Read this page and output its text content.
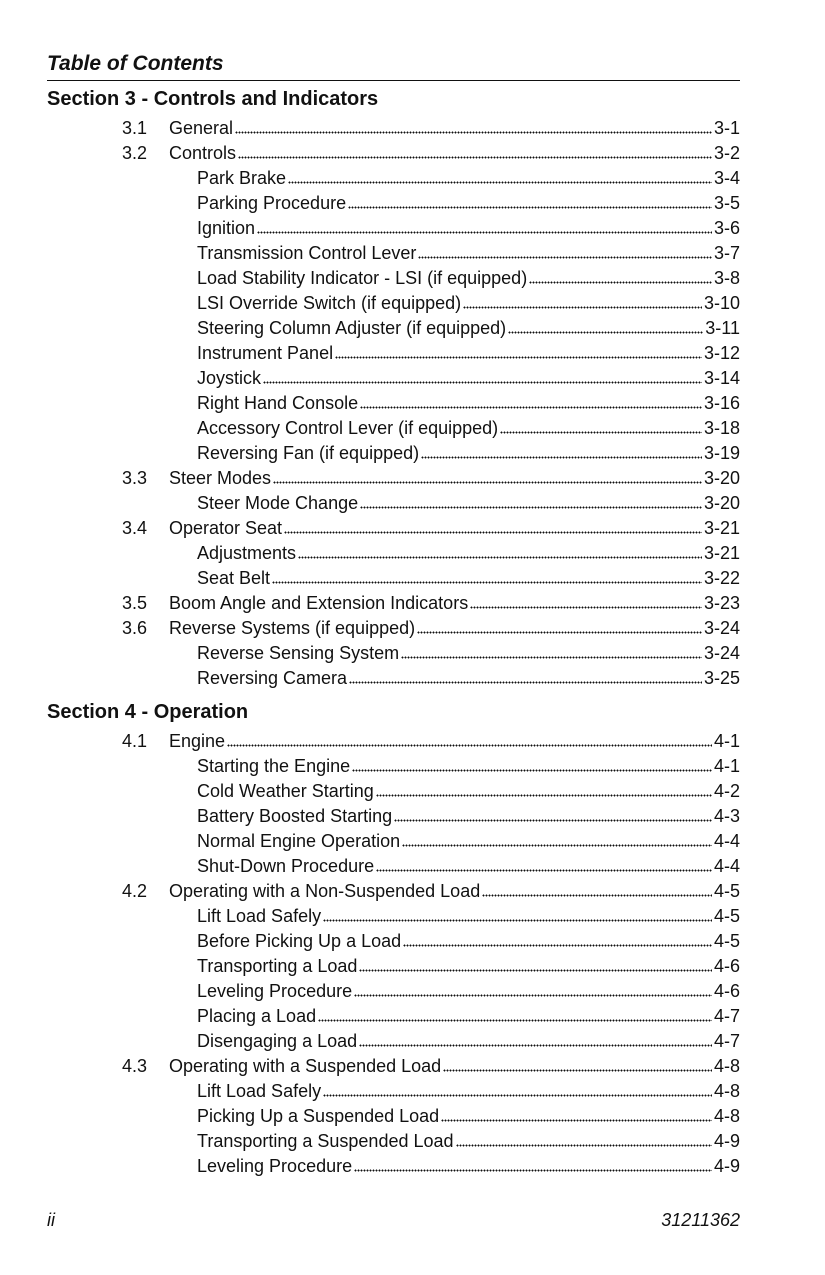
Table of Contents
Section 3 - Controls and Indicators
3.1 General	3-1
3.2 Controls	3-2
Park Brake	3-4
Parking Procedure	3-5
Ignition	3-6
Transmission Control Lever	3-7
Load Stability Indicator - LSI (if equipped)	3-8
LSI Override Switch (if equipped)	3-10
Steering Column Adjuster (if equipped)	3-11
Instrument Panel	3-12
Joystick	3-14
Right Hand Console	3-16
Accessory Control Lever (if equipped)	3-18
Reversing Fan (if equipped)	3-19
3.3 Steer Modes	3-20
Steer Mode Change	3-20
3.4 Operator Seat	3-21
Adjustments	3-21
Seat Belt	3-22
3.5 Boom Angle and Extension Indicators	3-23
3.6 Reverse Systems (if equipped)	3-24
Reverse Sensing System	3-24
Reversing Camera	3-25
Section 4 - Operation
4.1 Engine	4-1
Starting the Engine	4-1
Cold Weather Starting	4-2
Battery Boosted Starting	4-3
Normal Engine Operation	4-4
Shut-Down Procedure	4-4
4.2 Operating with a Non-Suspended Load	4-5
Lift Load Safely	4-5
Before Picking Up a Load	4-5
Transporting a Load	4-6
Leveling Procedure	4-6
Placing a Load	4-7
Disengaging a Load	4-7
4.3 Operating with a Suspended Load	4-8
Lift Load Safely	4-8
Picking Up a Suspended Load	4-8
Transporting a Suspended Load	4-9
Leveling Procedure	4-9
ii	31211362
